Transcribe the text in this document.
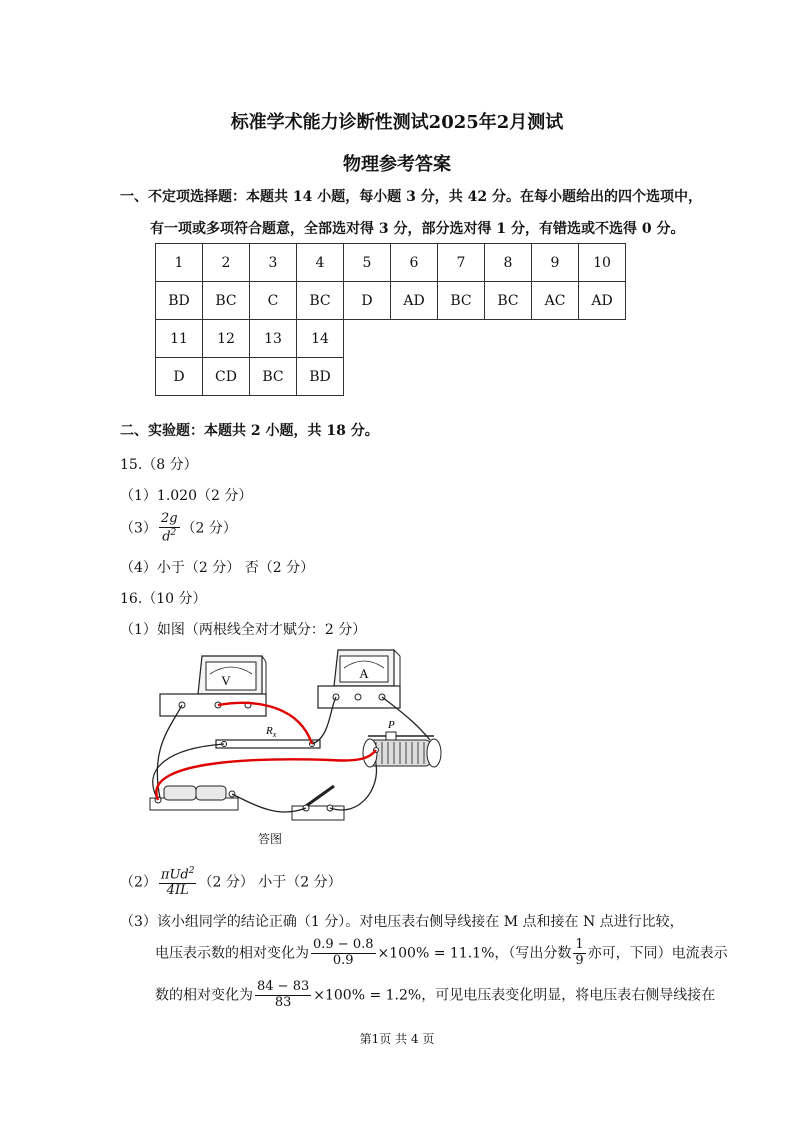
标准学术能力诊断性测试2025年2月测试
物理参考答案
一、不定项选择题：本题共 14 小题，每小题 3 分，共 42 分。在每小题给出的四个选项中，
有一项或多项符合题意，全部选对得 3 分，部分选对得 1 分，有错选或不选得 0 分。
1	2	3	4	5	6	7	8	9	10
BD	BC	C	BC	D	AD	BC	BC	AC	AD
11	12	13	14						
D	CD	BC	BD						
二、实验题：本题共 2 小题，共 18 分。
15.（8 分）
（1）1.020（2 分）
$(3) \frac{2g}{d^2} (2$ 分）
（4）小于（2 分） 否（2 分）
16.（10 分）
（1）如图（两根线全对才赋分：2 分）
V	A
$R_x$
P
答图
$(2) \frac{\pi Ud^2}{4IL} (2$ 分） 小于（2 分）
（3）该小组同学的结论正确（1 分）。对电压表右侧导线接在 M 点和接在 N 点进行比较，
电压表示数的相对变化为 $\frac{0.9 - 0.8}{0.9} \times 100\% = 11.1\%$，（写出分数 $\frac{1}{9}$ 亦可，下同）电流表示
数的相对变化为 $\frac{84 - 83}{83} \times 100\% = 1.2\%$，可见电压表变化明显，将电压表右侧导线接在
第1页 共 4 页
